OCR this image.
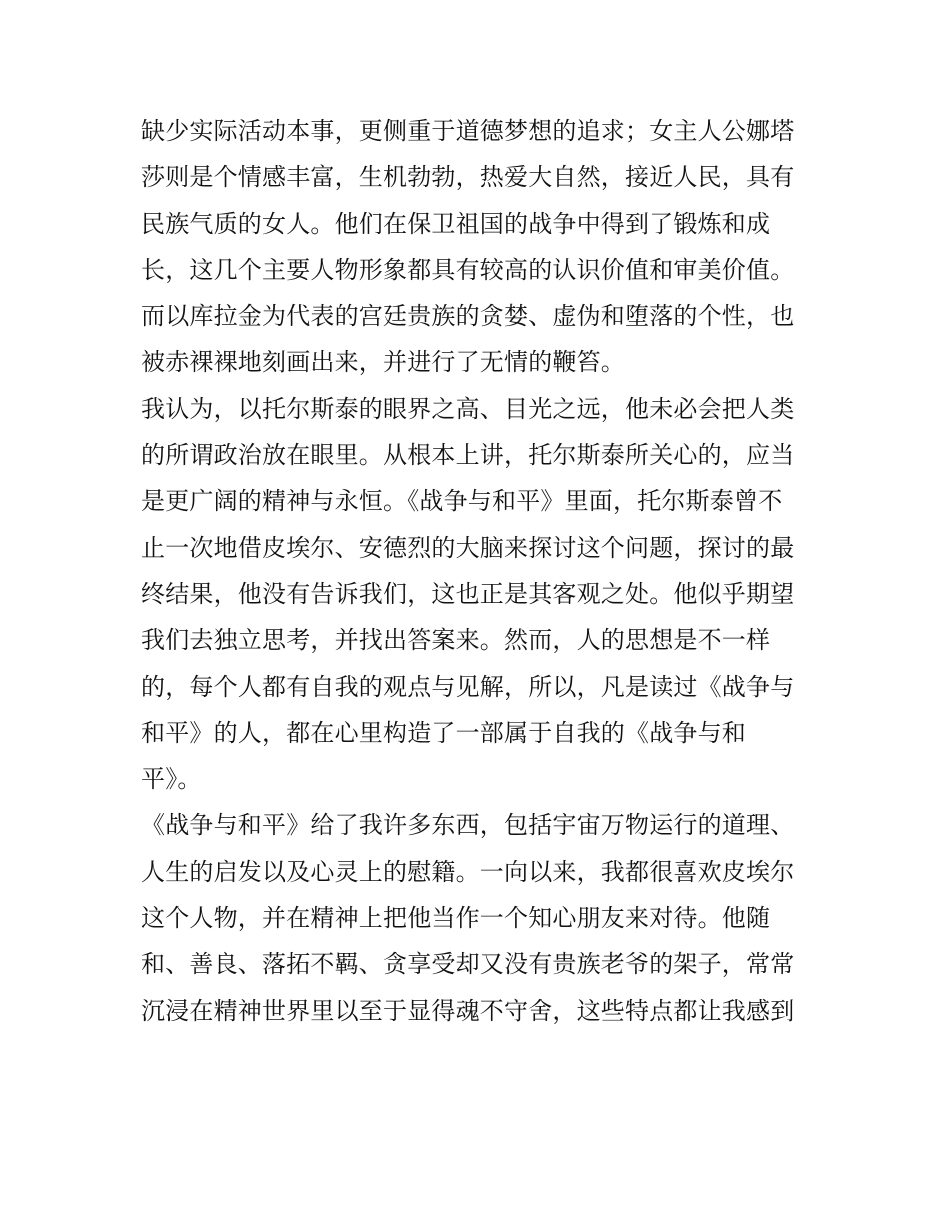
缺少实际活动本事，更侧重于道德梦想的追求；女主人公娜塔
莎则是个情感丰富，生机勃勃，热爱大自然，接近人民，具有
民族气质的女人。他们在保卫祖国的战争中得到了锻炼和成
长，这几个主要人物形象都具有较高的认识价值和审美价值。
而以库拉金为代表的宫廷贵族的贪婪、虚伪和堕落的个性，也
被赤裸裸地刻画出来，并进行了无情的鞭笞。
我认为，以托尔斯泰的眼界之高、目光之远，他未必会把人类
的所谓政治放在眼里。从根本上讲，托尔斯泰所关心的，应当
是更广阔的精神与永恒。《战争与和平》里面，托尔斯泰曾不
止一次地借皮埃尔、安德烈的大脑来探讨这个问题，探讨的最
终结果，他没有告诉我们，这也正是其客观之处。他似乎期望
我们去独立思考，并找出答案来。然而，人的思想是不一样
的，每个人都有自我的观点与见解，所以，凡是读过《战争与
和平》的人，都在心里构造了一部属于自我的《战争与和
平》。
《战争与和平》给了我许多东西，包括宇宙万物运行的道理、
人生的启发以及心灵上的慰籍。一向以来，我都很喜欢皮埃尔
这个人物，并在精神上把他当作一个知心朋友来对待。他随
和、善良、落拓不羁、贪享受却又没有贵族老爷的架子，常常
沉浸在精神世界里以至于显得魂不守舍，这些特点都让我感到
